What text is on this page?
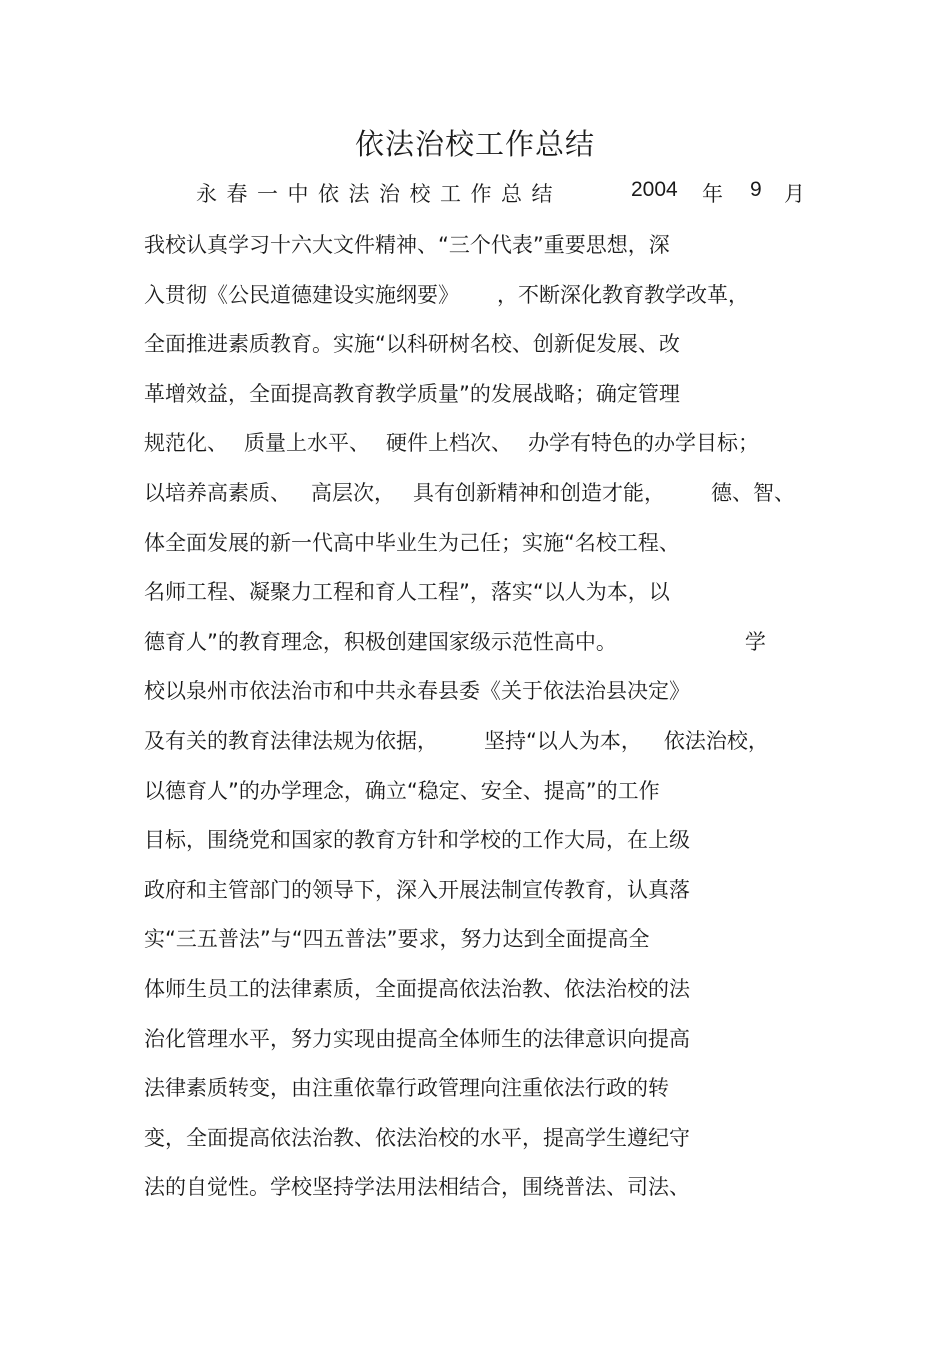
依法治校工作总结
永春一中依法治校工作总结	2004 年 9 月
我校认真学习十六大文件精神、“三个代表”重要思想，深
入贯彻《公民道德建设实施纲要》 ，不断深化教育教学改革，
全面推进素质教育。实施“以科研树名校、创新促发展、改
革增效益，全面提高教育教学质量”的发展战略；确定管理
规范化、 质量上水平、 硬件上档次、 办学有特色的办学目标；
以培养高素质、 高层次， 具有创新精神和创造才能， 德、智、
体全面发展的新一代高中毕业生为己任；实施“名校工程、
名师工程、凝聚力工程和育人工程”，落实“以人为本，以
德育人”的教育理念，积极创建国家级示范性高中。	学
校以泉州市依法治市和中共永春县委《关于依法治县决定》
及有关的教育法律法规为依据， 坚持“以人为本， 依法治校，
以德育人”的办学理念，确立“稳定、安全、提高”的工作
目标，围绕党和国家的教育方针和学校的工作大局，在上级
政府和主管部门的领导下，深入开展法制宣传教育，认真落
实“三五普法”与“四五普法”要求，努力达到全面提高全
体师生员工的法律素质，全面提高依法治教、依法治校的法
治化管理水平，努力实现由提高全体师生的法律意识向提高
法律素质转变，由注重依靠行政管理向注重依法行政的转
变，全面提高依法治教、依法治校的水平，提高学生遵纪守
法的自觉性。学校坚持学法用法相结合，围绕普法、司法、
